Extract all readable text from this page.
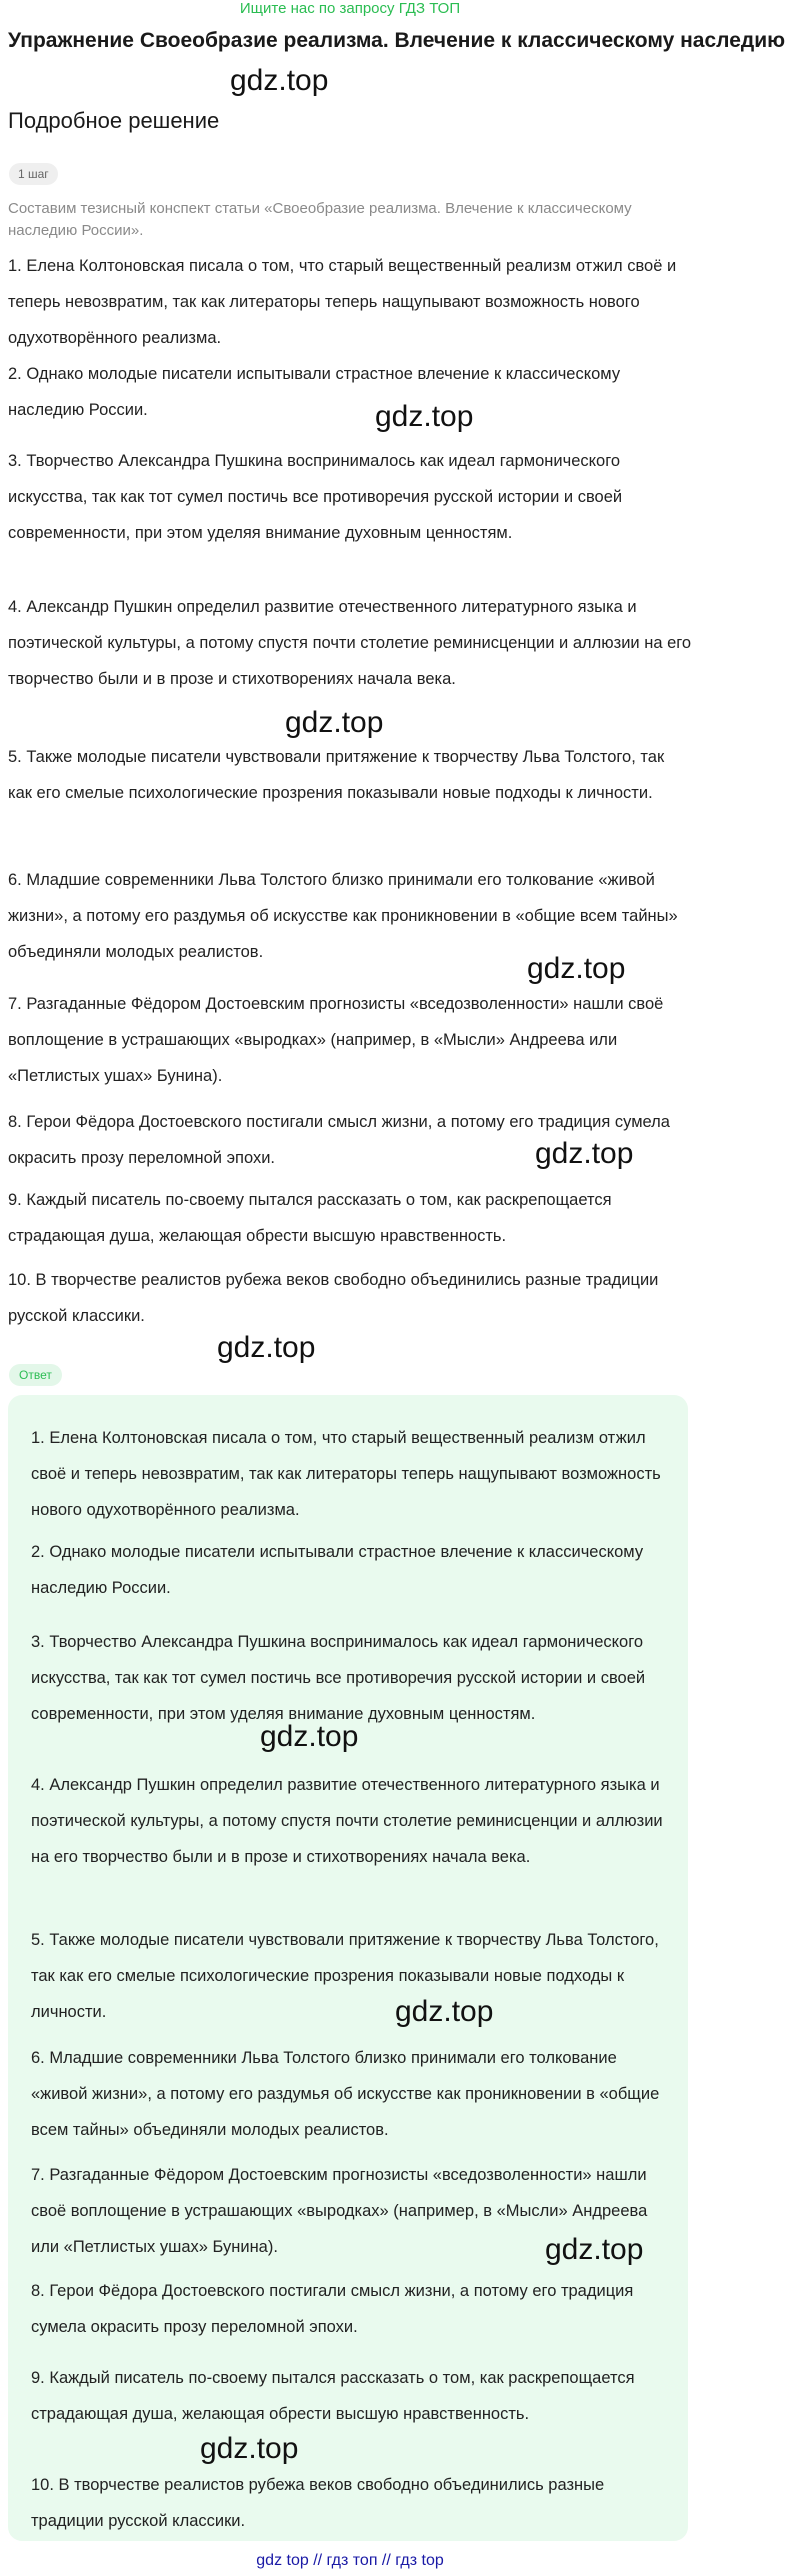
Ищите нас по запросу ГДЗ ТОП
Упражнение Своеобразие реализма. Влечение к классическому наследию
gdz.top
Подробное решение
1 шаг
Составим тезисный конспект статьи «Своеобразие реализма. Влечение к классическому наследию России».

1. Елена Колтоновская писала о том, что старый вещественный реализм отжил своё и теперь невозвратим, так как литераторы теперь нащупывают возможность нового одухотворённого реализма.

2. Однако молодые писатели испытывали страстное влечение к классическому наследию России.

3. Творчество Александра Пушкина воспринималось как идеал гармонического искусства, так как тот сумел постичь все противоречия русской истории и своей современности, при этом уделяя внимание духовным ценностям.

4. Александр Пушкин определил развитие отечественного литературного языка и поэтической культуры, а потому спустя почти столетие реминисценции и аллюзии на его творчество были и в прозе и стихотворениях начала века.

5. Также молодые писатели чувствовали притяжение к творчеству Льва Толстого, так как его смелые психологические прозрения показывали новые подходы к личности.

6. Младшие современники Льва Толстого близко принимали его толкование «живой жизни», а потому его раздумья об искусстве как проникновении в «общие всем тайны» объединяли молодых реалистов.

7. Разгаданные Фёдором Достоевским прогнозисты «вседозволенности» нашли своё воплощение в устрашающих «выродках» (например, в «Мысли» Андреева или «Петлистых ушах» Бунина).

8. Герои Фёдора Достоевского постигали смысл жизни, а потому его традиция сумела окрасить прозу переломной эпохи.

9. Каждый писатель по-своему пытался рассказать о том, как раскрепощается страдающая душа, желающая обрести высшую нравственность.

10. В творчестве реалистов рубежа веков свободно объединились разные традиции русской классики.

gdz.top
gdz.top
gdz.top
gdz.top
gdz.top
Ответ

1. Елена Колтоновская писала о том, что старый вещественный реализм отжил своё и теперь невозвратим, так как литераторы теперь нащупывают возможность нового одухотворённого реализма.

2. Однако молодые писатели испытывали страстное влечение к классическому наследию России.

3. Творчество Александра Пушкина воспринималось как идеал гармонического искусства, так как тот сумел постичь все противоречия русской истории и своей современности, при этом уделяя внимание духовным ценностям.

4. Александр Пушкин определил развитие отечественного литературного языка и поэтической культуры, а потому спустя почти столетие реминисценции и аллюзии на его творчество были и в прозе и стихотворениях начала века.

5. Также молодые писатели чувствовали притяжение к творчеству Льва Толстого, так как его смелые психологические прозрения показывали новые подходы к личности.

6. Младшие современники Льва Толстого близко принимали его толкование «живой жизни», а потому его раздумья об искусстве как проникновении в «общие всем тайны» объединяли молодых реалистов.

7. Разгаданные Фёдором Достоевским прогнозисты «вседозволенности» нашли своё воплощение в устрашающих «выродках» (например, в «Мысли» Андреева или «Петлистых ушах» Бунина).

8. Герои Фёдора Достоевского постигали смысл жизни, а потому его традиция сумела окрасить прозу переломной эпохи.

9. Каждый писатель по-своему пытался рассказать о том, как раскрепощается страдающая душа, желающая обрести высшую нравственность.

10. В творчестве реалистов рубежа веков свободно объединились разные традиции русской классики.

gdz.top
gdz.top
gdz.top
gdz.top
gdz top // гдз топ // гдз top
